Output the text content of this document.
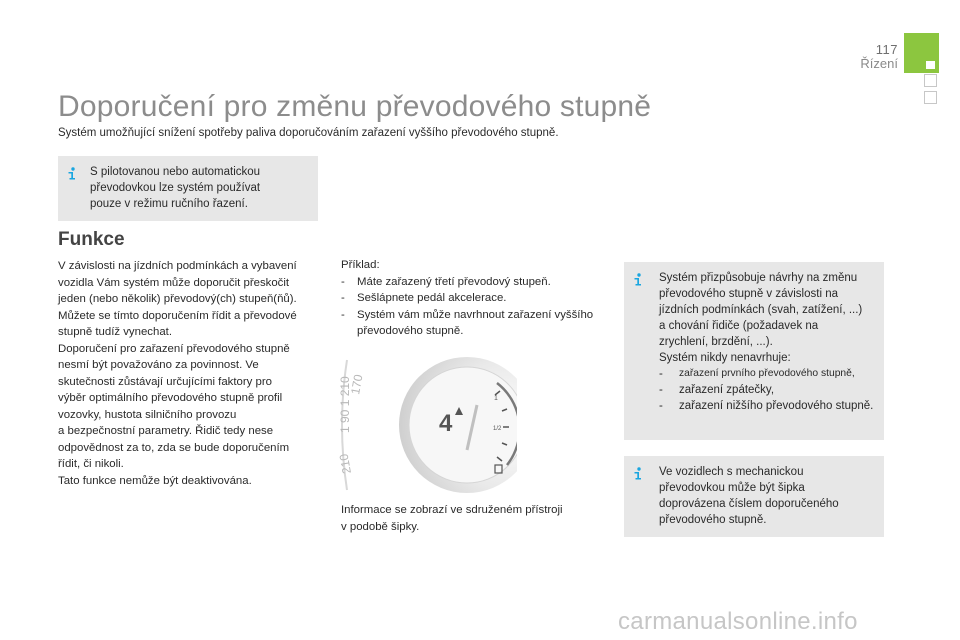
117
Řízení
Doporučení pro změnu převodového stupně
Systém umožňující snížení spotřeby paliva doporučováním zařazení vyššího převodového stupně.
S pilotovanou nebo automatickou
převodovkou lze systém používat
pouze v režimu ručního řazení.
Funkce
V závislosti na jízdních podmínkách a vybavení
vozidla Vám systém může doporučit přeskočit
jeden (nebo několik) převodový(ch) stupeň(ňů).
Můžete se tímto doporučením řídit a převodové
stupně tudíž vynechat.
Doporučení pro zařazení převodového stupně
nesmí být považováno za povinnost. Ve
skutečnosti zůstávají určujícími faktory pro
výběr optimálního převodového stupně profil
vozovky, hustota silničního provozu
a bezpečnostní parametry. Řidič tedy nese
odpovědnost za to, zda se bude doporučením
řídit, či nikoli.
Tato funkce nemůže být deaktivována.
Příklad:
-	Máte zařazený třetí převodový stupeň.
-	Sešlápnete pedál akcelerace.
-	Systém vám může navrhnout zařazení vyššího převodového stupně.
170
1 90 1 210
210
4
1
1/2
Informace se zobrazí ve sdruženém přístroji
v podobě šipky.
Systém přizpůsobuje návrhy na změnu
převodového stupně v závislosti na
jízdních podmínkách (svah, zatížení, ...)
a chování řidiče (požadavek na
zrychlení, brzdění, ...).
Systém nikdy nenavrhuje:
-	zařazení prvního převodového stupně,
-	zařazení zpátečky,
-	zařazení nižšího převodového stupně.
Ve vozidlech s mechanickou
převodovkou může být šipka
doprovázena číslem doporučeného
převodového stupně.
carmanualsonline.info
